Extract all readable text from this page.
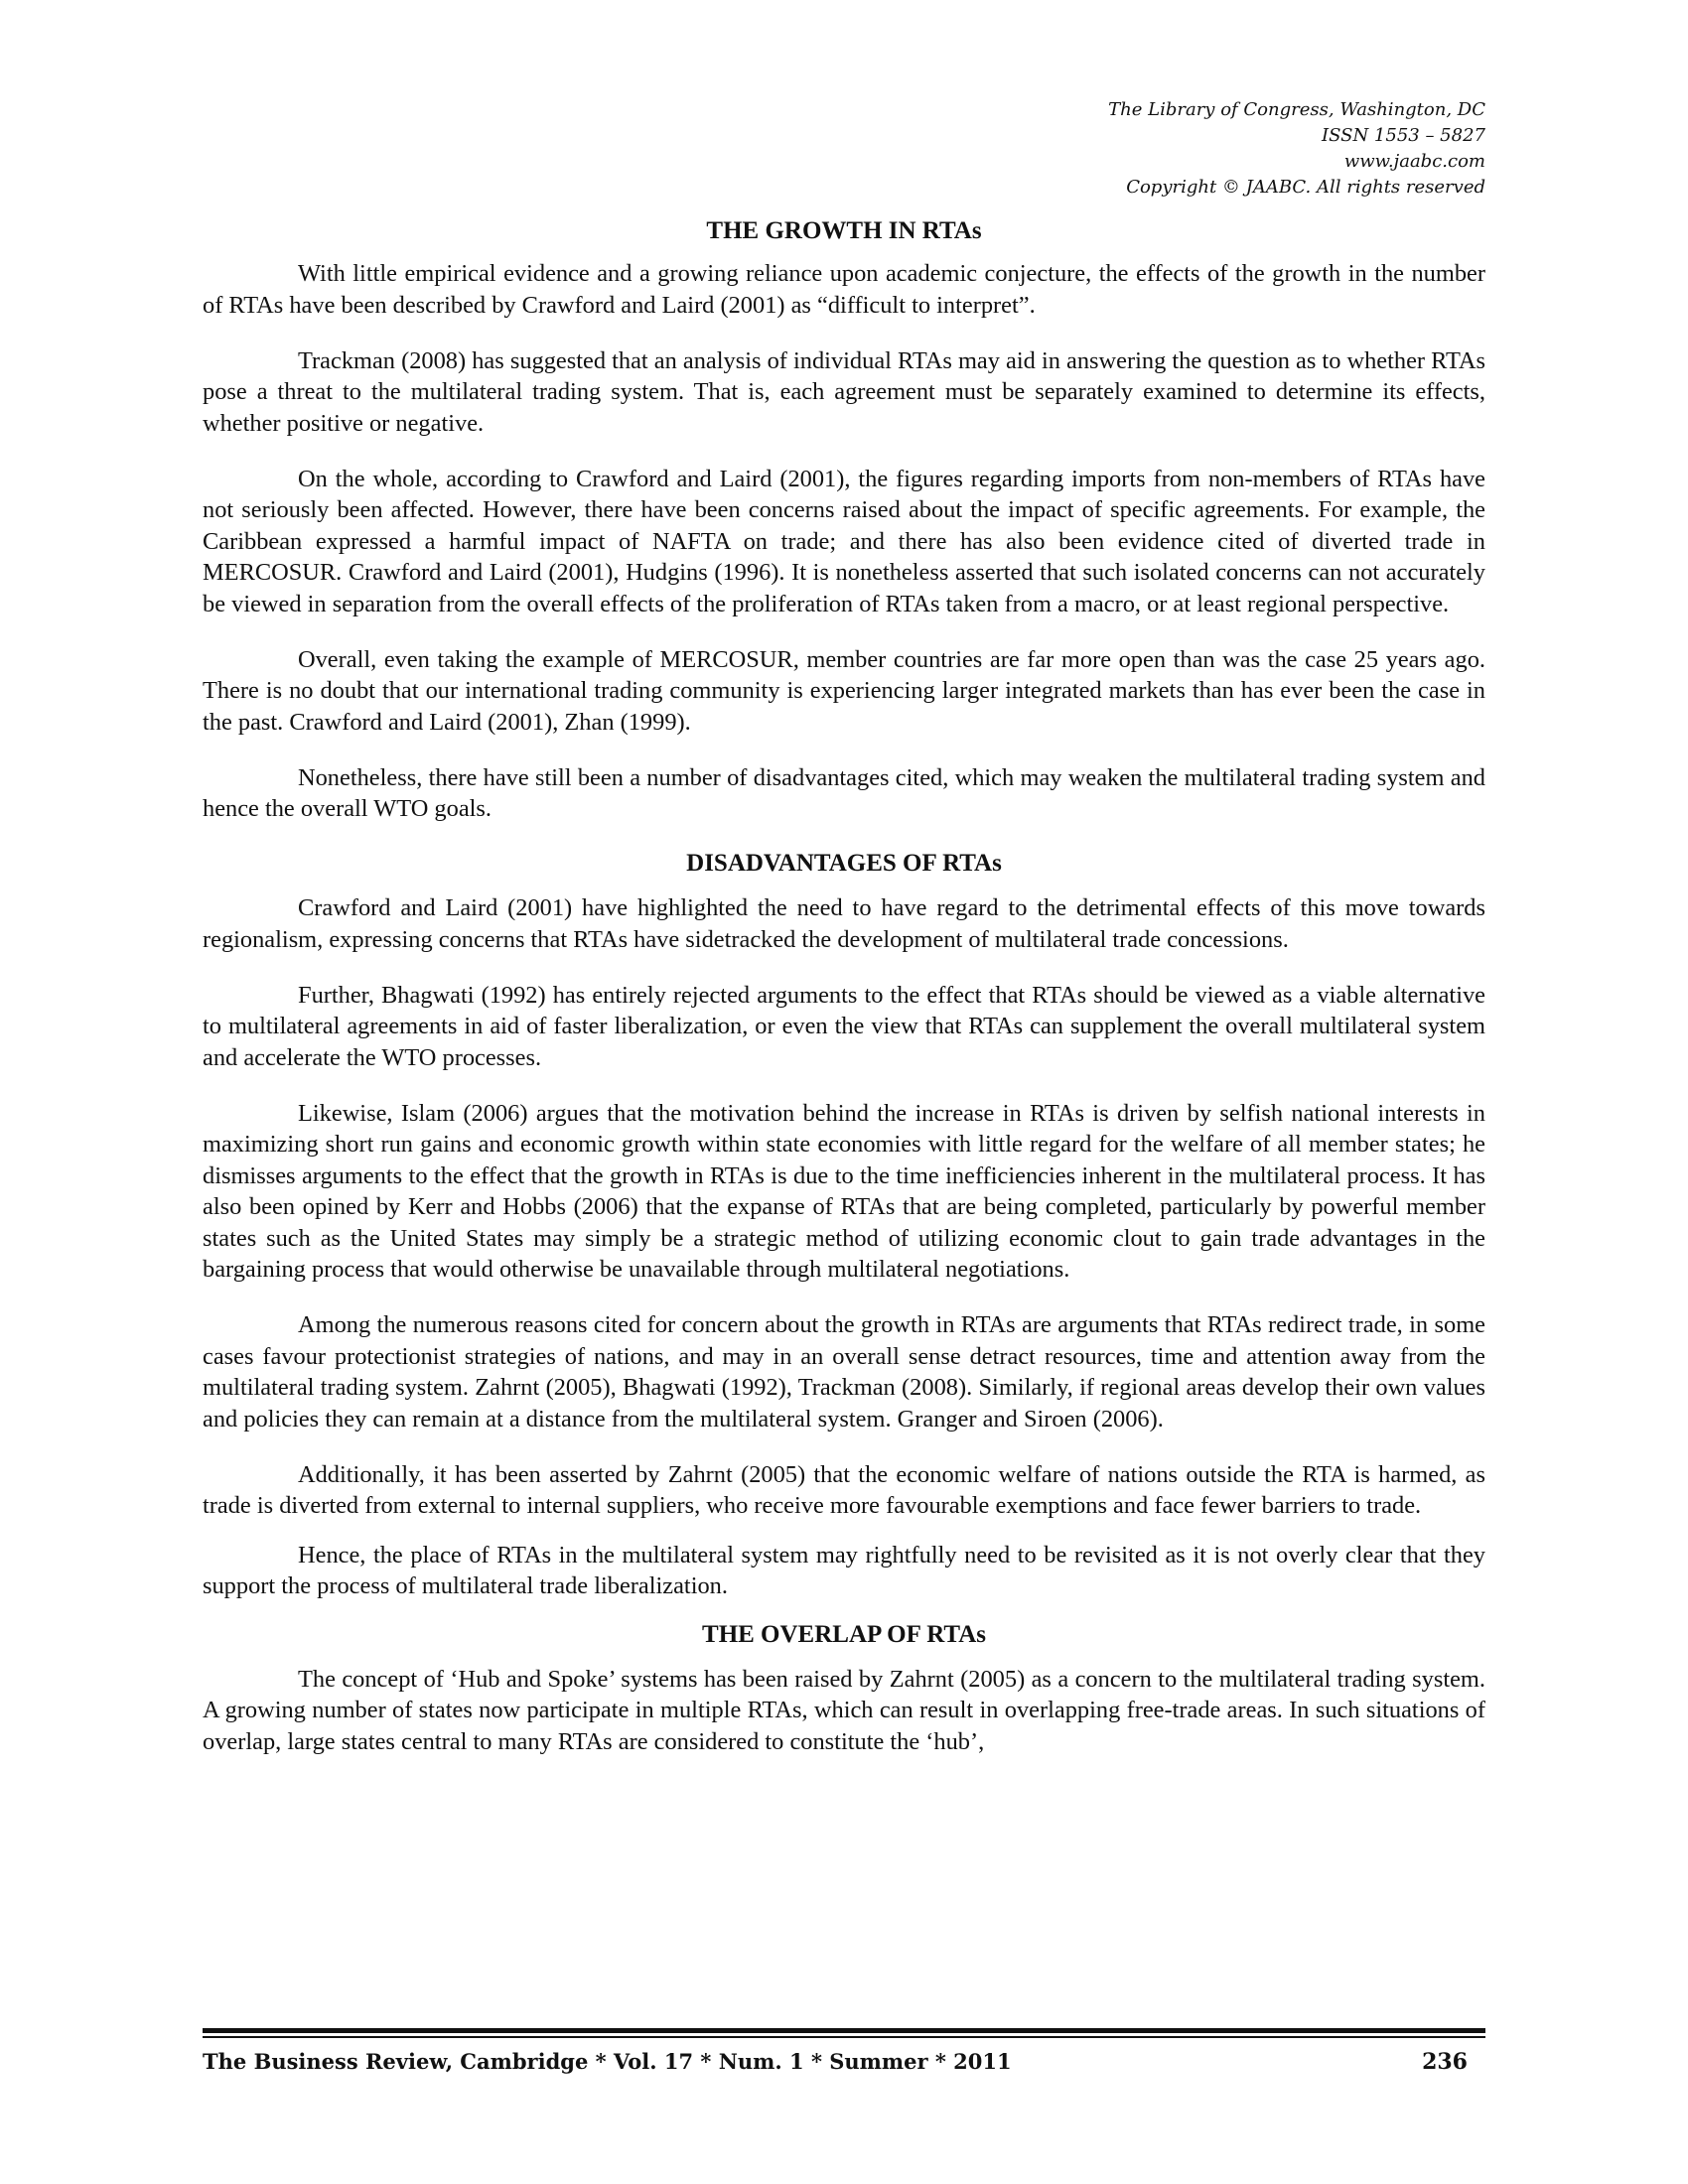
The Library of Congress, Washington, DC
ISSN 1553 – 5827
www.jaabc.com
Copyright © JAABC. All rights reserved
THE GROWTH IN RTAs

With little empirical evidence and a growing reliance upon academic conjecture, the effects of the growth in the number of RTAs have been described by Crawford and Laird (2001) as “difficult to interpret”.

Trackman (2008) has suggested that an analysis of individual RTAs may aid in answering the question as to whether RTAs pose a threat to the multilateral trading system. That is, each agreement must be separately examined to determine its effects, whether positive or negative.

On the whole, according to Crawford and Laird (2001), the figures regarding imports from non-members of RTAs have not seriously been affected. However, there have been concerns raised about the impact of specific agreements. For example, the Caribbean expressed a harmful impact of NAFTA on trade; and there has also been evidence cited of diverted trade in MERCOSUR. Crawford and Laird (2001), Hudgins (1996). It is nonetheless asserted that such isolated concerns can not accurately be viewed in separation from the overall effects of the proliferation of RTAs taken from a macro, or at least regional perspective.

Overall, even taking the example of MERCOSUR, member countries are far more open than was the case 25 years ago. There is no doubt that our international trading community is experiencing larger integrated markets than has ever been the case in the past. Crawford and Laird (2001), Zhan (1999).

Nonetheless, there have still been a number of disadvantages cited, which may weaken the multilateral trading system and hence the overall WTO goals.

DISADVANTAGES OF RTAs

Crawford and Laird (2001) have highlighted the need to have regard to the detrimental effects of this move towards regionalism, expressing concerns that RTAs have sidetracked the development of multilateral trade concessions.

Further, Bhagwati (1992) has entirely rejected arguments to the effect that RTAs should be viewed as a viable alternative to multilateral agreements in aid of faster liberalization, or even the view that RTAs can supplement the overall multilateral system and accelerate the WTO processes.

Likewise, Islam (2006) argues that the motivation behind the increase in RTAs is driven by selfish national interests in maximizing short run gains and economic growth within state economies with little regard for the welfare of all member states; he dismisses arguments to the effect that the growth in RTAs is due to the time inefficiencies inherent in the multilateral process. It has also been opined by Kerr and Hobbs (2006) that the expanse of RTAs that are being completed, particularly by powerful member states such as the United States may simply be a strategic method of utilizing economic clout to gain trade advantages in the bargaining process that would otherwise be unavailable through multilateral negotiations.

Among the numerous reasons cited for concern about the growth in RTAs are arguments that RTAs redirect trade, in some cases favour protectionist strategies of nations, and may in an overall sense detract resources, time and attention away from the multilateral trading system. Zahrnt (2005), Bhagwati (1992), Trackman (2008). Similarly, if regional areas develop their own values and policies they can remain at a distance from the multilateral system. Granger and Siroen (2006).

Additionally, it has been asserted by Zahrnt (2005) that the economic welfare of nations outside the RTA is harmed, as trade is diverted from external to internal suppliers, who receive more favourable exemptions and face fewer barriers to trade.

Hence, the place of RTAs in the multilateral system may rightfully need to be revisited as it is not overly clear that they support the process of multilateral trade liberalization.

THE OVERLAP OF RTAs

The concept of ‘Hub and Spoke’ systems has been raised by Zahrnt (2005) as a concern to the multilateral trading system. A growing number of states now participate in multiple RTAs, which can result in overlapping free-trade areas. In such situations of overlap, large states central to many RTAs are considered to constitute the ‘hub’,

The Business Review, Cambridge * Vol. 17 * Num. 1 * Summer * 2011	236
